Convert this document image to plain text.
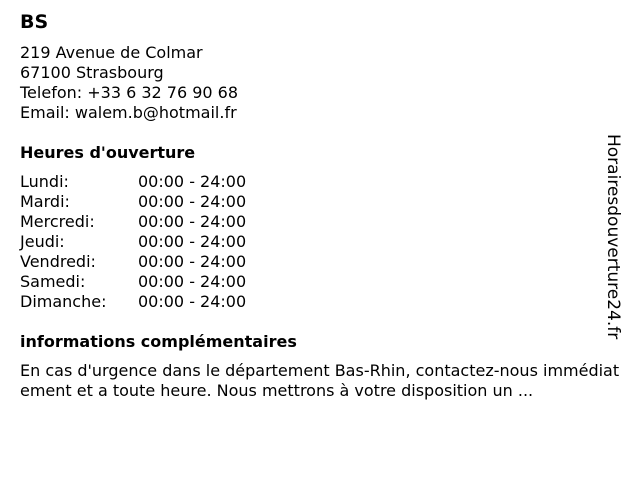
BS
219 Avenue de Colmar
67100 Strasbourg
Telefon: +33 6 32 76 90 68
Email: walem.b@hotmail.fr
Heures d'ouverture
Lundi:	00:00 - 24:00
Mardi:	00:00 - 24:00
Mercredi:	00:00 - 24:00
Jeudi:	00:00 - 24:00
Vendredi:	00:00 - 24:00
Samedi:	00:00 - 24:00
Dimanche:	00:00 - 24:00
informations complémentaires
En cas d'urgence dans le département Bas-Rhin, contactez-nous immédiatement et a toute heure. Nous mettrons à votre disposition un ...
Horairesdouverture24.fr
